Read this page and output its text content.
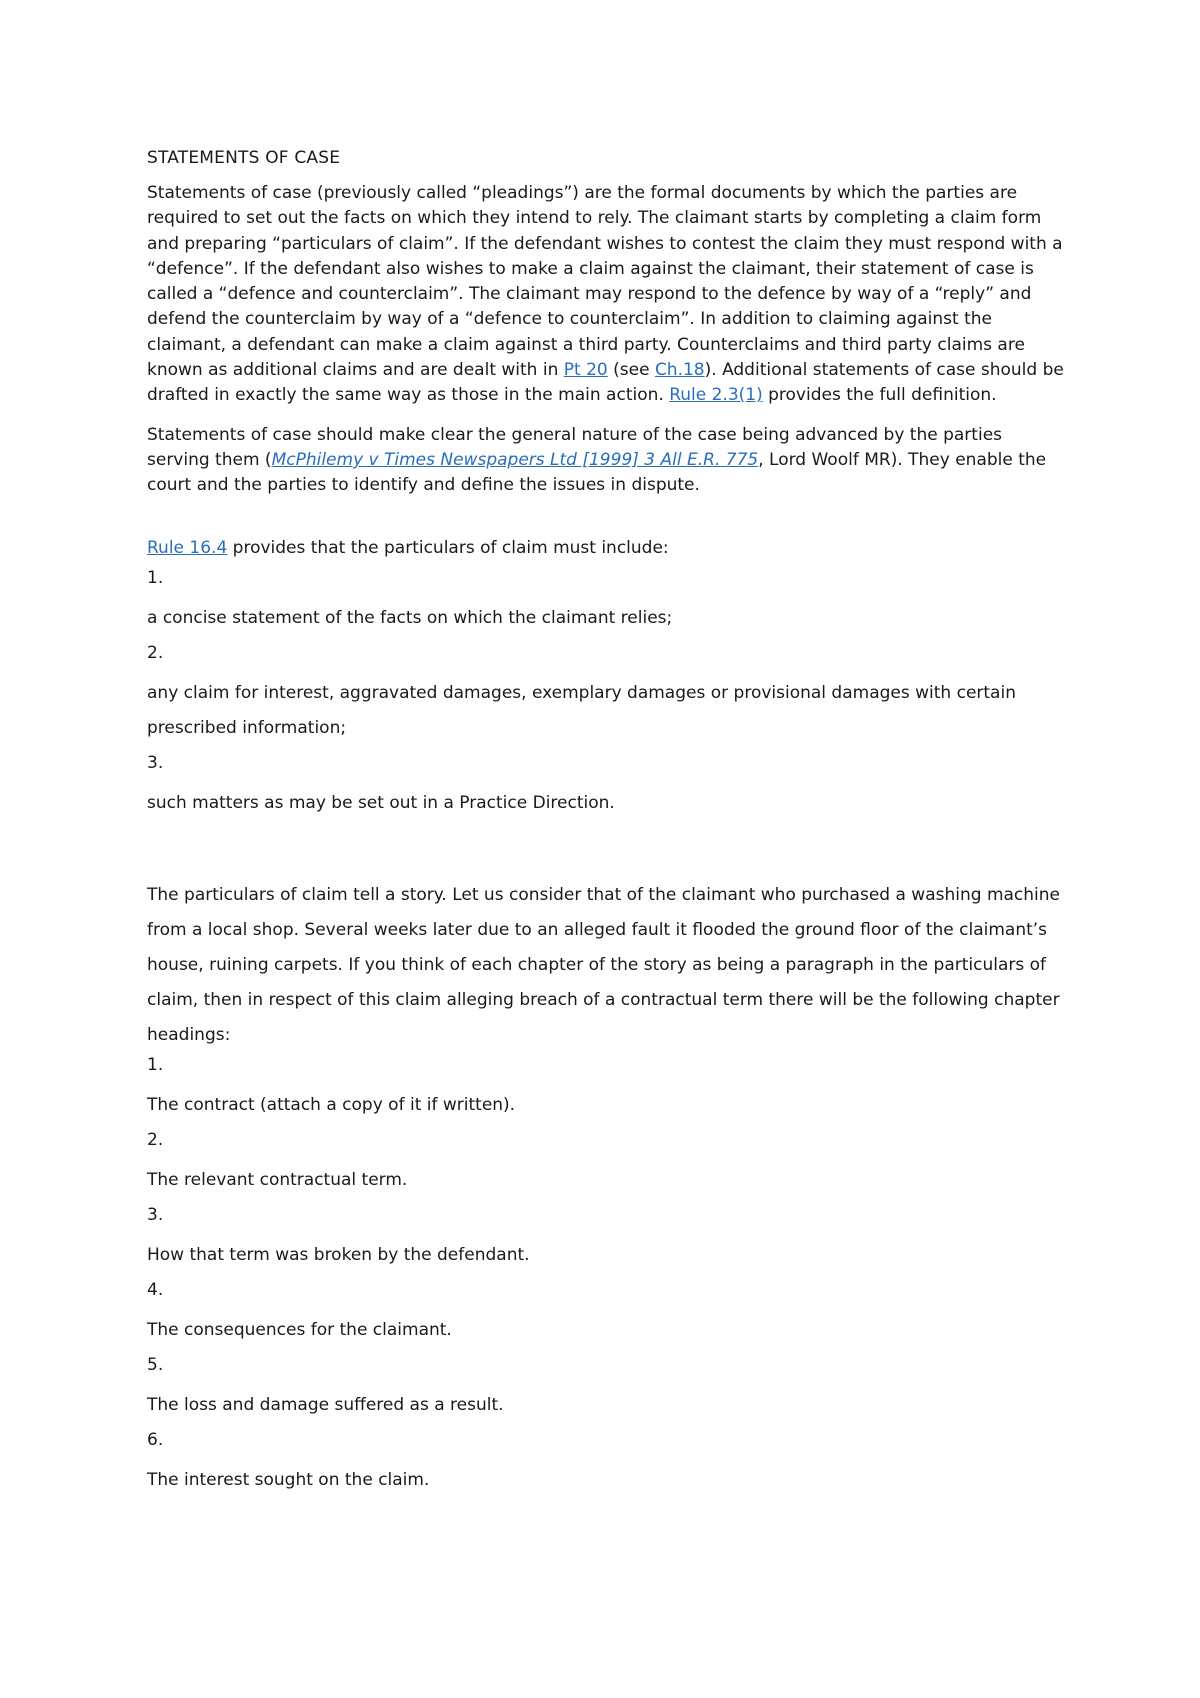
STATEMENTS OF CASE
Statements of case (previously called “pleadings”) are the formal documents by which the parties are required to set out the facts on which they intend to rely. The claimant starts by completing a claim form and preparing “particulars of claim”. If the defendant wishes to contest the claim they must respond with a “defence”. If the defendant also wishes to make a claim against the claimant, their statement of case is called a “defence and counterclaim”. The claimant may respond to the defence by way of a “reply” and defend the counterclaim by way of a “defence to counterclaim”. In addition to claiming against the claimant, a defendant can make a claim against a third party. Counterclaims and third party claims are known as additional claims and are dealt with in Pt 20 (see Ch.18). Additional statements of case should be drafted in exactly the same way as those in the main action. Rule 2.3(1) provides the full definition.
Statements of case should make clear the general nature of the case being advanced by the parties serving them (McPhilemy v Times Newspapers Ltd [1999] 3 All E.R. 775, Lord Woolf MR). They enable the court and the parties to identify and define the issues in dispute.
Rule 16.4 provides that the particulars of claim must include:
1.
a concise statement of the facts on which the claimant relies;
2.
any claim for interest, aggravated damages, exemplary damages or provisional damages with certain prescribed information;
3.
such matters as may be set out in a Practice Direction.
The particulars of claim tell a story. Let us consider that of the claimant who purchased a washing machine from a local shop. Several weeks later due to an alleged fault it flooded the ground floor of the claimant’s house, ruining carpets. If you think of each chapter of the story as being a paragraph in the particulars of claim, then in respect of this claim alleging breach of a contractual term there will be the following chapter headings:
1.
The contract (attach a copy of it if written).
2.
The relevant contractual term.
3.
How that term was broken by the defendant.
4.
The consequences for the claimant.
5.
The loss and damage suffered as a result.
6.
The interest sought on the claim.
